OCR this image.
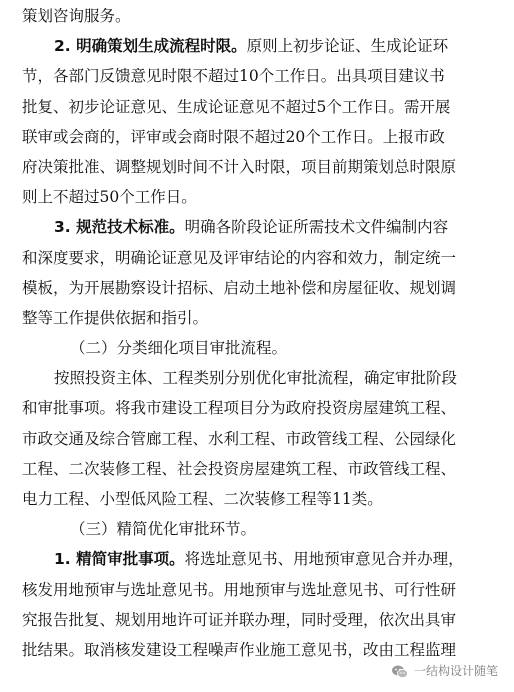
策划咨询服务。
2. 明确策划生成流程时限。原则上初步论证、生成论证环
节，各部门反馈意见时限不超过10个工作日。出具项目建议书
批复、初步论证意见、生成论证意见不超过5个工作日。需开展
联审或会商的，评审或会商时限不超过20个工作日。上报市政
府决策批准、调整规划时间不计入时限，项目前期策划总时限原
则上不超过50个工作日。
3. 规范技术标准。明确各阶段论证所需技术文件编制内容
和深度要求，明确论证意见及评审结论的内容和效力，制定统一
模板，为开展勘察设计招标、启动土地补偿和房屋征收、规划调
整等工作提供依据和指引。
（二）分类细化项目审批流程。
按照投资主体、工程类别分别优化审批流程，确定审批阶段
和审批事项。将我市建设工程项目分为政府投资房屋建筑工程、
市政交通及综合管廊工程、水利工程、市政管线工程、公园绿化
工程、二次装修工程、社会投资房屋建筑工程、市政管线工程、
电力工程、小型低风险工程、二次装修工程等11类。
（三）精简优化审批环节。
1. 精简审批事项。将选址意见书、用地预审意见合并办理，
核发用地预审与选址意见书。用地预审与选址意见书、可行性研
究报告批复、规划用地许可证并联办理，同时受理，依次出具审
批结果。取消核发建设工程噪声作业施工意见书，改由工程监理
一结构设计随笔
